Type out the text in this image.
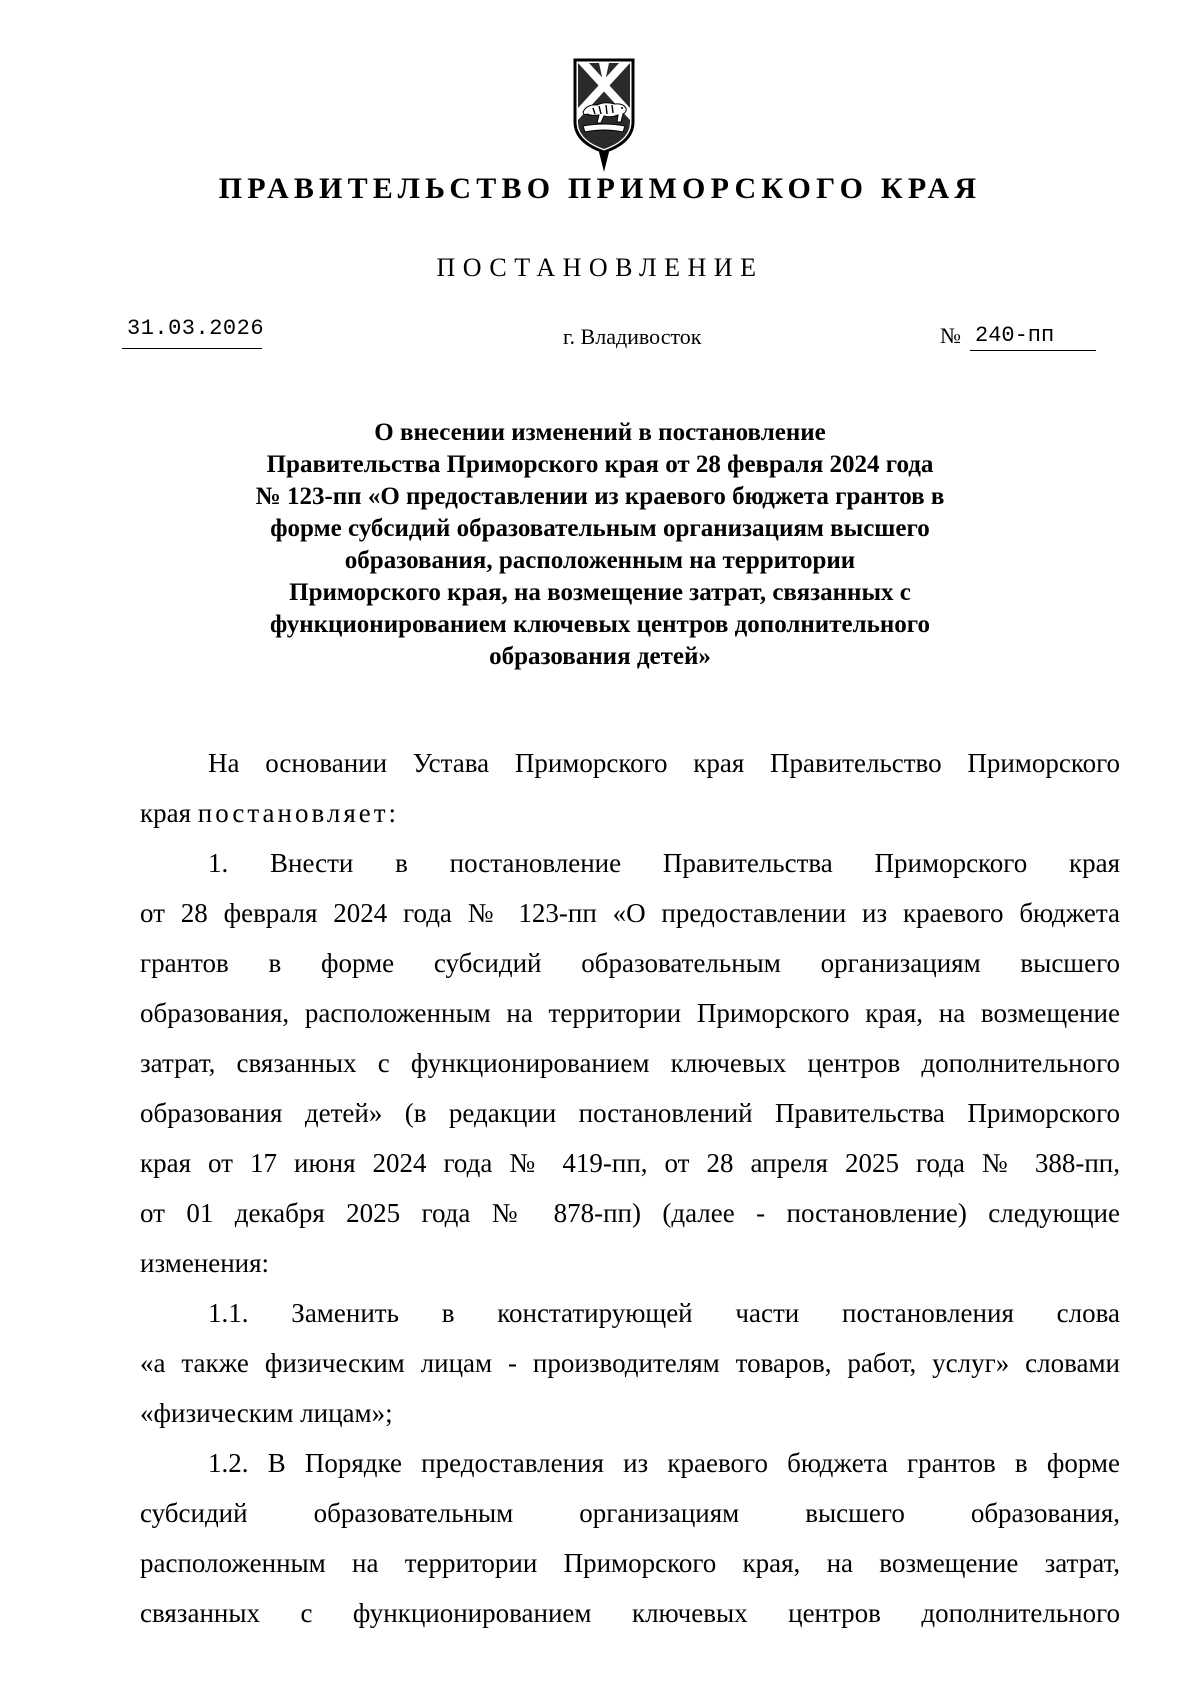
ПРАВИТЕЛЬСТВО ПРИМОРСКОГО КРАЯ
ПОСТАНОВЛЕНИЕ
31.03.2026	г. Владивосток	№ 240-пп
О внесении изменений в постановление
Правительства Приморского края от 28 февраля 2024 года
№ 123-пп «О предоставлении из краевого бюджета грантов в
форме субсидий образовательным организациям высшего
образования, расположенным на территории
Приморского края, на возмещение затрат, связанных с
функционированием ключевых центров дополнительного
образования детей»
На основании Устава Приморского края Правительство Приморского
края постановляет:
1. Внести в постановление Правительства Приморского края
от 28 февраля 2024 года № 123-пп «О предоставлении из краевого бюджета
грантов в форме субсидий образовательным организациям высшего
образования, расположенным на территории Приморского края, на возмещение
затрат, связанных с функционированием ключевых центров дополнительного
образования детей» (в редакции постановлений Правительства Приморского
края от 17 июня 2024 года № 419-пп, от 28 апреля 2025 года № 388-пп,
от 01 декабря 2025 года № 878-пп) (далее - постановление) следующие
изменения:
1.1. Заменить в констатирующей части постановления слова
«а также физическим лицам - производителям товаров, работ, услуг» словами
«физическим лицам»;
1.2. В Порядке предоставления из краевого бюджета грантов в форме
субсидий образовательным организациям высшего образования,
расположенным на территории Приморского края, на возмещение затрат,
связанных с функционированием ключевых центров дополнительного
